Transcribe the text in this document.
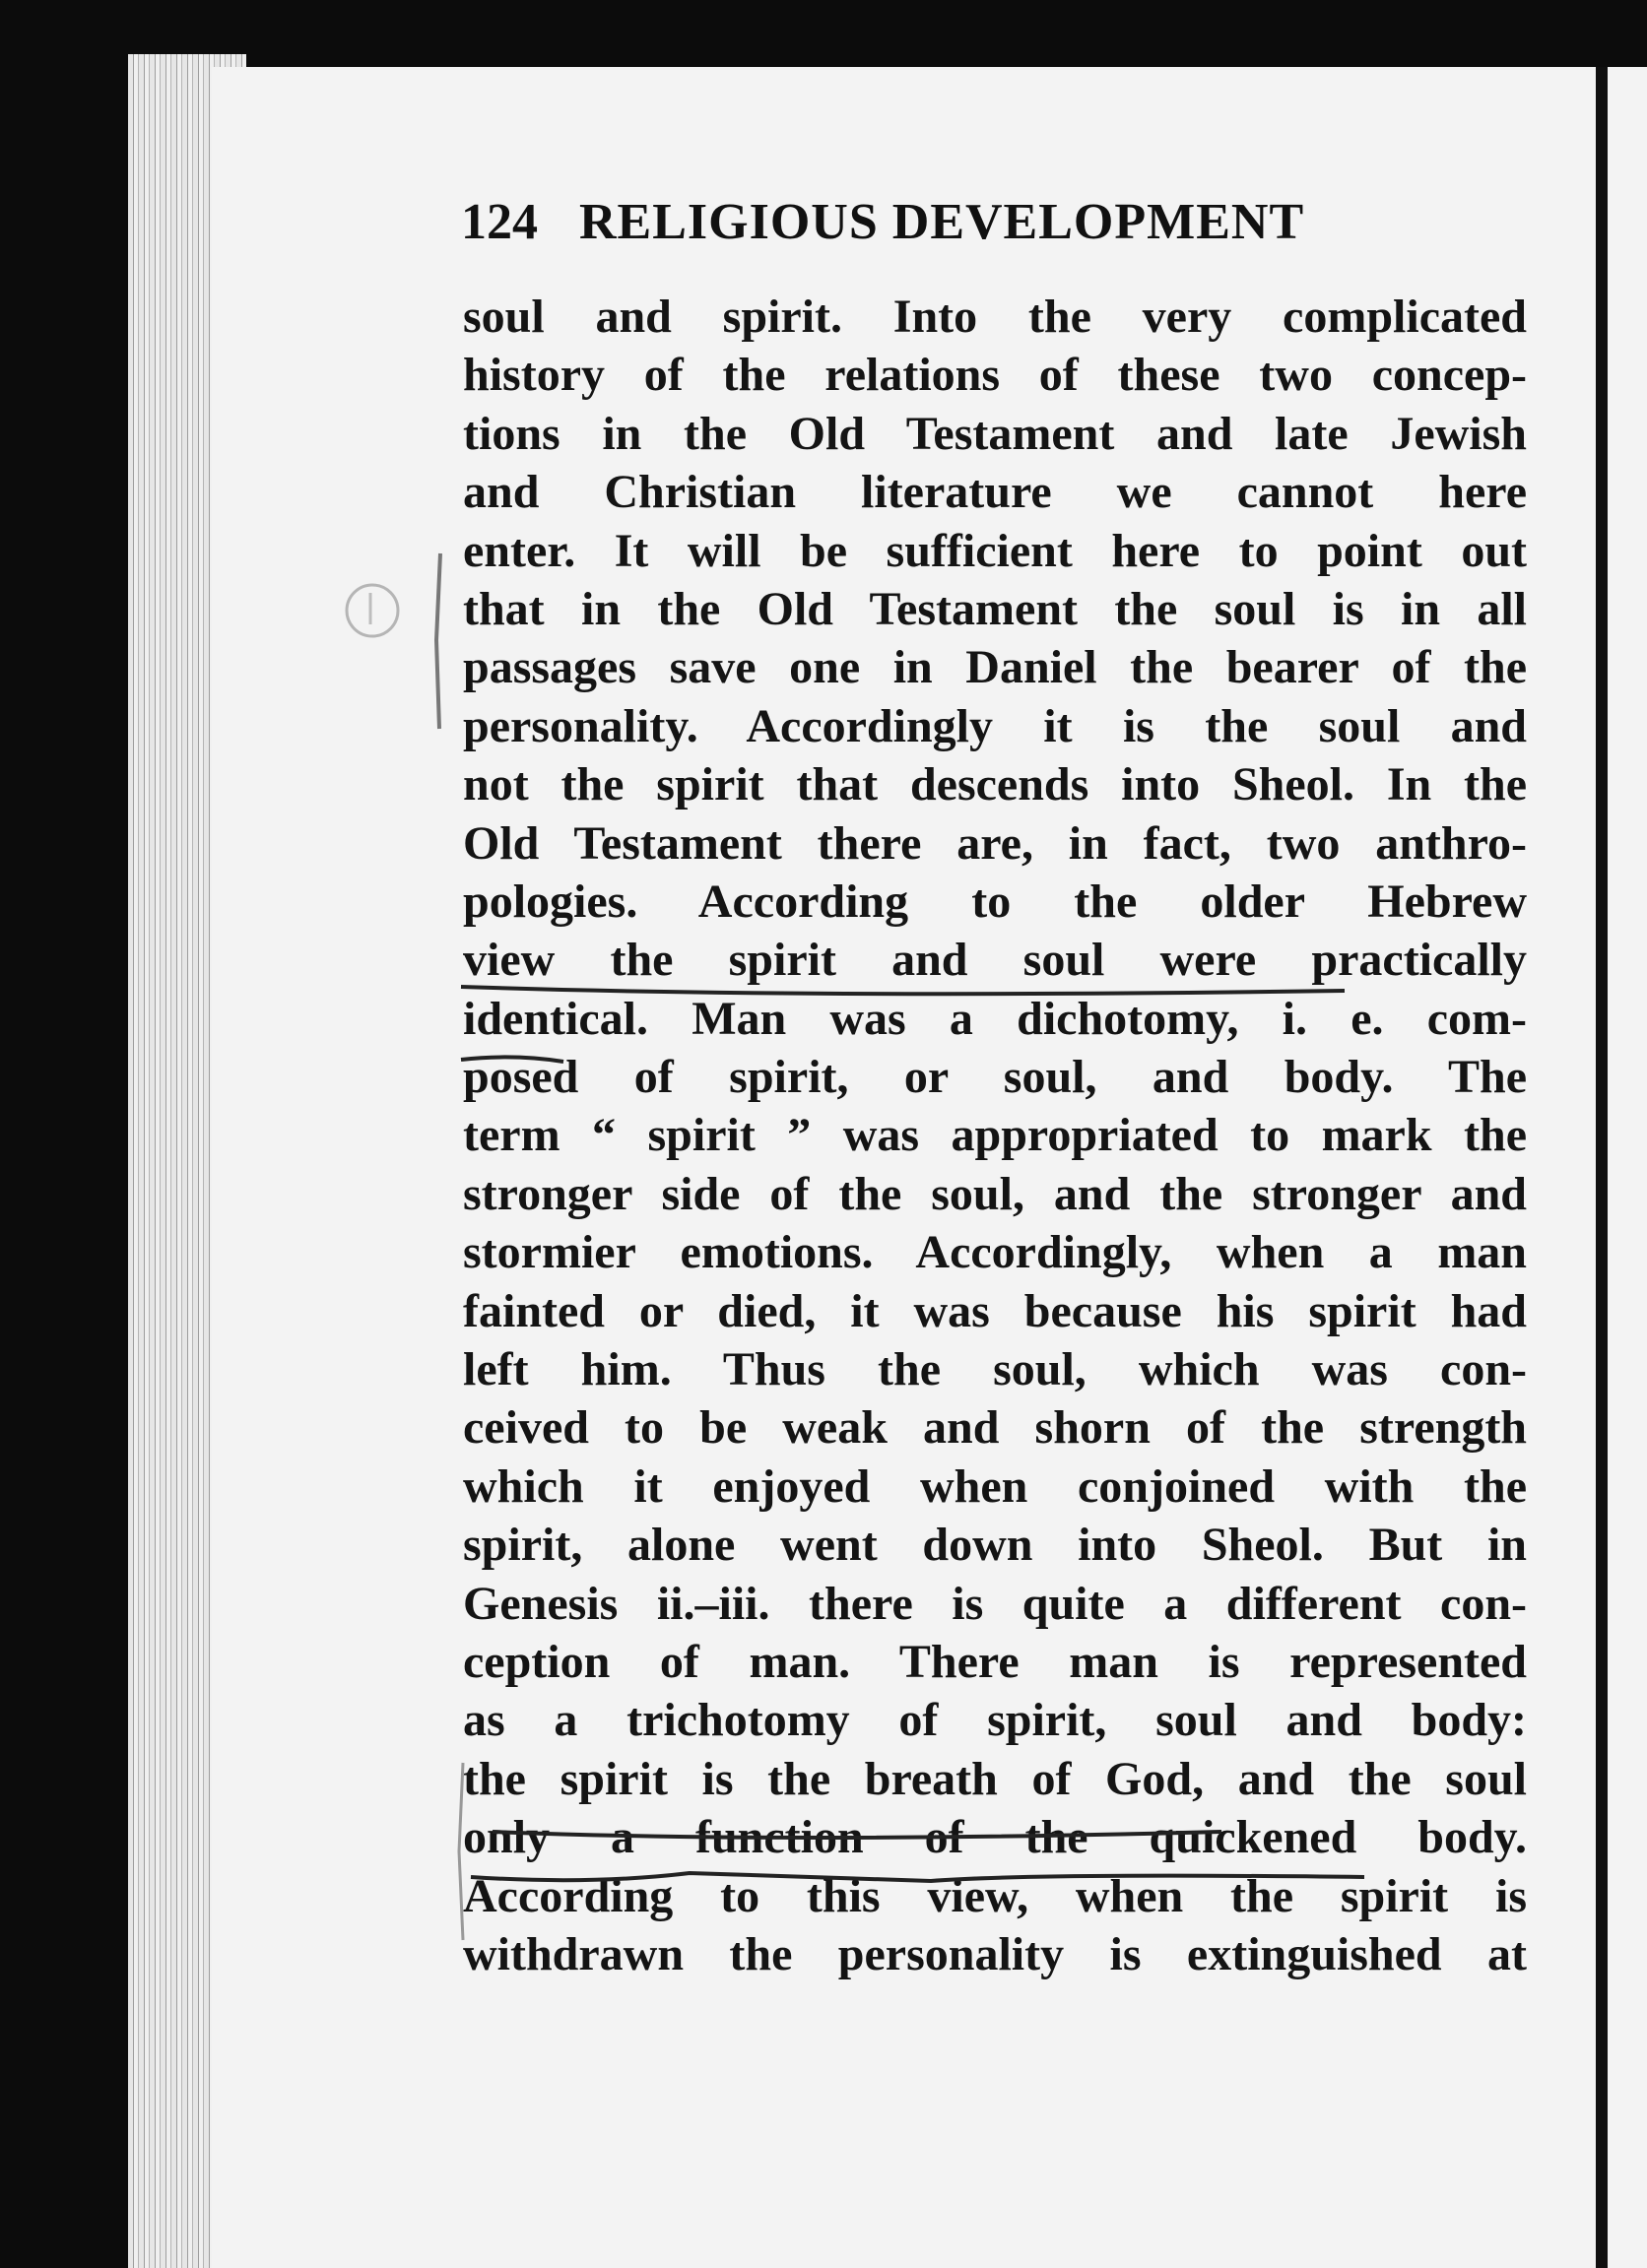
124 RELIGIOUS DEVELOPMENT
soul and spirit. Into the very complicated
history of the relations of these two concep-
tions in the Old Testament and late Jewish
and Christian literature we cannot here
enter. It will be sufficient here to point out
that in the Old Testament the soul is in all
passages save one in Daniel the bearer of the
personality. Accordingly it is the soul and
not the spirit that descends into Sheol. In the
Old Testament there are, in fact, two anthro-
pologies. According to the older Hebrew
view the spirit and soul were practically
identical. Man was a dichotomy, i. e. com-
posed of spirit, or soul, and body. The
term “ spirit ” was appropriated to mark the
stronger side of the soul, and the stronger and
stormier emotions. Accordingly, when a man
fainted or died, it was because his spirit had
left him. Thus the soul, which was con-
ceived to be weak and shorn of the strength
which it enjoyed when conjoined with the
spirit, alone went down into Sheol. But in
Genesis ii.–iii. there is quite a different con-
ception of man. There man is represented
as a trichotomy of spirit, soul and body:
the spirit is the breath of God, and the soul
only a function of the quickened body.
According to this view, when the spirit is
withdrawn the personality is extinguished at
